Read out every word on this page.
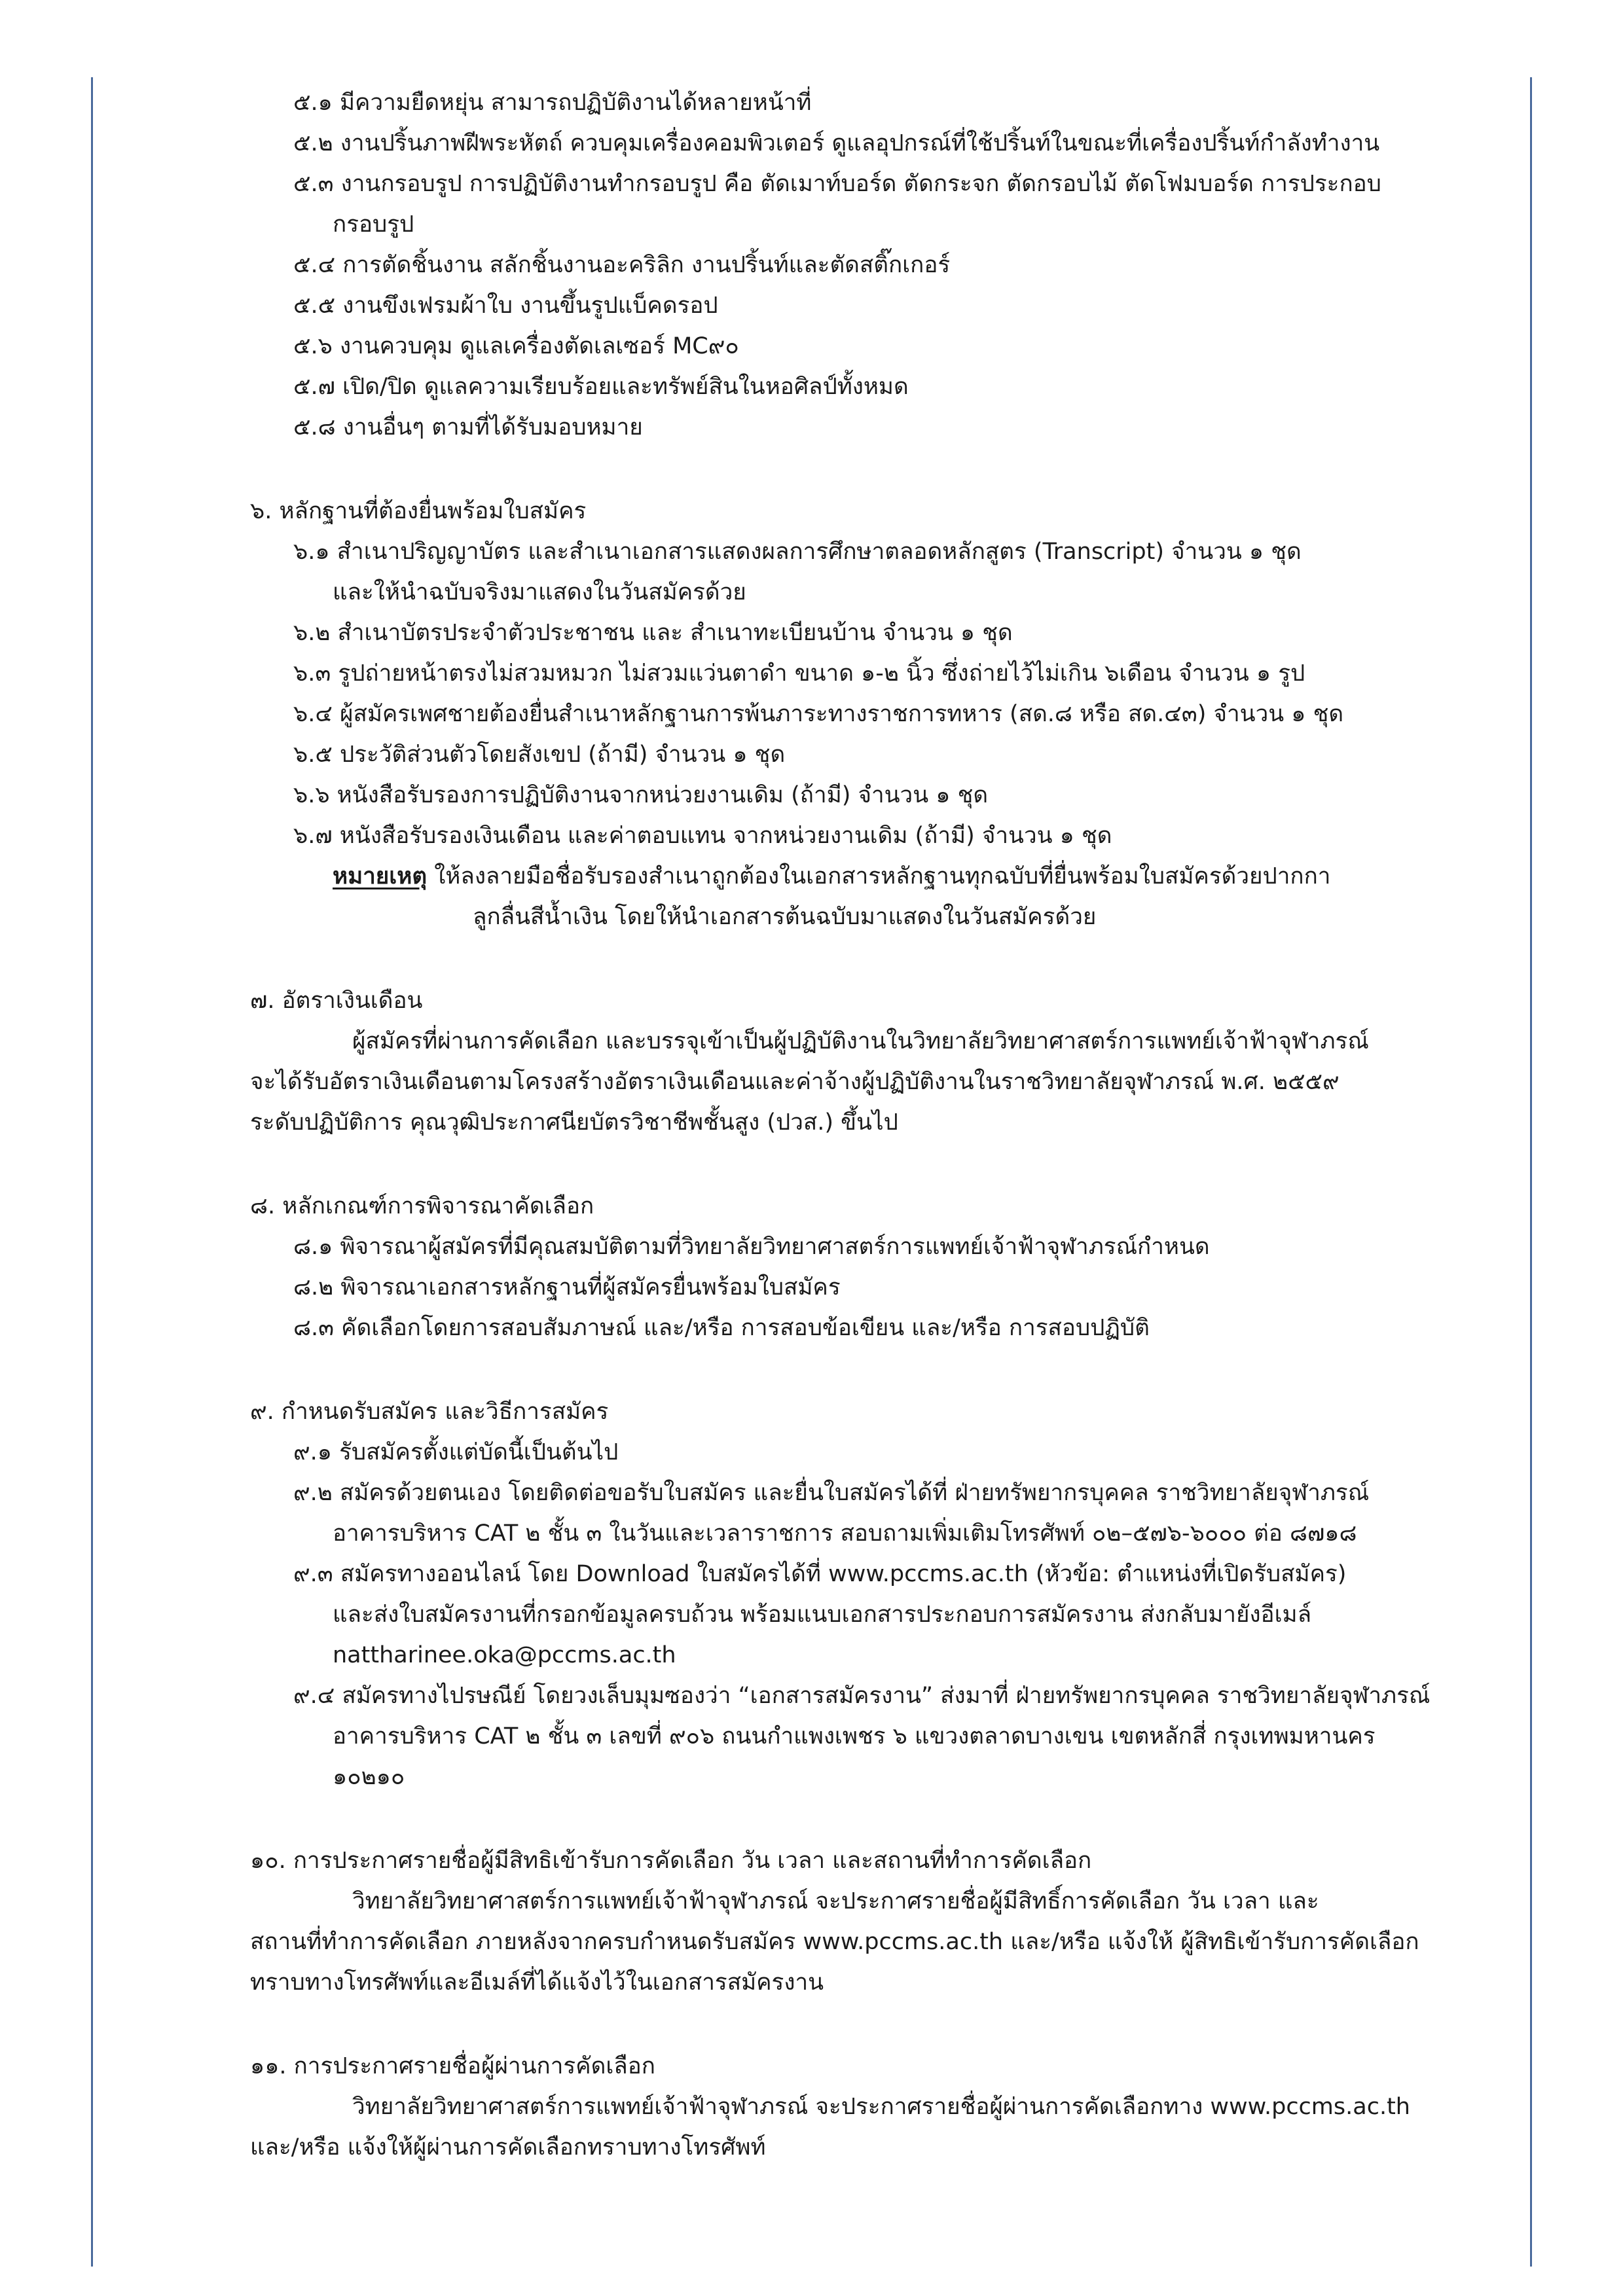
๕.๑ มีความยืดหยุ่น สามารถปฏิบัติงานได้หลายหน้าที่
๕.๒ งานปริ้นภาพฝีพระหัตถ์ ควบคุมเครื่องคอมพิวเตอร์ ดูแลอุปกรณ์ที่ใช้ปริ้นท์ในขณะที่เครื่องปริ้นท์กำลังทำงาน
๕.๓ งานกรอบรูป การปฏิบัติงานทำกรอบรูป คือ ตัดเมาท์บอร์ด ตัดกระจก ตัดกรอบไม้ ตัดโฟมบอร์ด การประกอบ
กรอบรูป
๕.๔ การตัดชิ้นงาน สลักชิ้นงานอะคริลิก งานปริ้นท์และตัดสติ๊กเกอร์
๕.๕ งานขึงเฟรมผ้าใบ งานขึ้นรูปแบ็คดรอป
๕.๖ งานควบคุม ดูแลเครื่องตัดเลเซอร์ MC๙๐
๕.๗ เปิด/ปิด ดูแลความเรียบร้อยและทรัพย์สินในหอศิลป์ทั้งหมด
๕.๘ งานอื่นๆ ตามที่ได้รับมอบหมาย
๖. หลักฐานที่ต้องยื่นพร้อมใบสมัคร
๖.๑ สำเนาปริญญาบัตร และสำเนาเอกสารแสดงผลการศึกษาตลอดหลักสูตร (Transcript) จำนวน ๑ ชุด
และให้นำฉบับจริงมาแสดงในวันสมัครด้วย
๖.๒ สำเนาบัตรประจำตัวประชาชน และ สำเนาทะเบียนบ้าน จำนวน ๑ ชุด
๖.๓ รูปถ่ายหน้าตรงไม่สวมหมวก ไม่สวมแว่นตาดำ ขนาด ๑-๒ นิ้ว ซึ่งถ่ายไว้ไม่เกิน ๖เดือน จำนวน ๑ รูป
๖.๔ ผู้สมัครเพศชายต้องยื่นสำเนาหลักฐานการพ้นภาระทางราชการทหาร (สด.๘ หรือ สด.๔๓) จำนวน ๑ ชุด
๖.๕ ประวัติส่วนตัวโดยสังเขป (ถ้ามี) จำนวน ๑ ชุด
๖.๖ หนังสือรับรองการปฏิบัติงานจากหน่วยงานเดิม (ถ้ามี) จำนวน ๑ ชุด
๖.๗ หนังสือรับรองเงินเดือน และค่าตอบแทน จากหน่วยงานเดิม (ถ้ามี) จำนวน ๑ ชุด
หมายเหตุ ให้ลงลายมือชื่อรับรองสำเนาถูกต้องในเอกสารหลักฐานทุกฉบับที่ยื่นพร้อมใบสมัครด้วยปากกา
ลูกลื่นสีน้ำเงิน โดยให้นำเอกสารต้นฉบับมาแสดงในวันสมัครด้วย
๗. อัตราเงินเดือน
ผู้สมัครที่ผ่านการคัดเลือก และบรรจุเข้าเป็นผู้ปฏิบัติงานในวิทยาลัยวิทยาศาสตร์การแพทย์เจ้าฟ้าจุฬาภรณ์
จะได้รับอัตราเงินเดือนตามโครงสร้างอัตราเงินเดือนและค่าจ้างผู้ปฏิบัติงานในราชวิทยาลัยจุฬาภรณ์ พ.ศ. ๒๕๕๙
ระดับปฏิบัติการ คุณวุฒิประกาศนียบัตรวิชาชีพชั้นสูง (ปวส.) ขึ้นไป
๘. หลักเกณฑ์การพิจารณาคัดเลือก
๘.๑ พิจารณาผู้สมัครที่มีคุณสมบัติตามที่วิทยาลัยวิทยาศาสตร์การแพทย์เจ้าฟ้าจุฬาภรณ์กำหนด
๘.๒ พิจารณาเอกสารหลักฐานที่ผู้สมัครยื่นพร้อมใบสมัคร
๘.๓ คัดเลือกโดยการสอบสัมภาษณ์ และ/หรือ การสอบข้อเขียน และ/หรือ การสอบปฏิบัติ
๙. กำหนดรับสมัคร และวิธีการสมัคร
๙.๑ รับสมัครตั้งแต่บัดนี้เป็นต้นไป
๙.๒ สมัครด้วยตนเอง โดยติดต่อขอรับใบสมัคร และยื่นใบสมัครได้ที่ ฝ่ายทรัพยากรบุคคล ราชวิทยาลัยจุฬาภรณ์
อาคารบริหาร CAT ๒ ชั้น ๓ ในวันและเวลาราชการ สอบถามเพิ่มเติมโทรศัพท์ ๐๒–๕๗๖-๖๐๐๐ ต่อ ๘๗๑๘
๙.๓ สมัครทางออนไลน์ โดย Download ใบสมัครได้ที่ www.pccms.ac.th (หัวข้อ: ตำแหน่งที่เปิดรับสมัคร)
และส่งใบสมัครงานที่กรอกข้อมูลครบถ้วน พร้อมแนบเอกสารประกอบการสมัครงาน ส่งกลับมายังอีเมล์
nattharinee.oka@pccms.ac.th
๙.๔ สมัครทางไปรษณีย์ โดยวงเล็บมุมซองว่า “เอกสารสมัครงาน” ส่งมาที่ ฝ่ายทรัพยากรบุคคล ราชวิทยาลัยจุฬาภรณ์
อาคารบริหาร CAT ๒ ชั้น ๓ เลขที่ ๙๐๖ ถนนกำแพงเพชร ๖ แขวงตลาดบางเขน เขตหลักสี่ กรุงเทพมหานคร
๑๐๒๑๐
๑๐. การประกาศรายชื่อผู้มีสิทธิเข้ารับการคัดเลือก วัน เวลา และสถานที่ทำการคัดเลือก
วิทยาลัยวิทยาศาสตร์การแพทย์เจ้าฟ้าจุฬาภรณ์ จะประกาศรายชื่อผู้มีสิทธิ์การคัดเลือก วัน เวลา และ
สถานที่ทำการคัดเลือก ภายหลังจากครบกำหนดรับสมัคร www.pccms.ac.th และ/หรือ แจ้งให้ ผู้สิทธิเข้ารับการคัดเลือก
ทราบทางโทรศัพท์และอีเมล์ที่ได้แจ้งไว้ในเอกสารสมัครงาน
๑๑. การประกาศรายชื่อผู้ผ่านการคัดเลือก
วิทยาลัยวิทยาศาสตร์การแพทย์เจ้าฟ้าจุฬาภรณ์ จะประกาศรายชื่อผู้ผ่านการคัดเลือกทาง www.pccms.ac.th
และ/หรือ แจ้งให้ผู้ผ่านการคัดเลือกทราบทางโทรศัพท์
